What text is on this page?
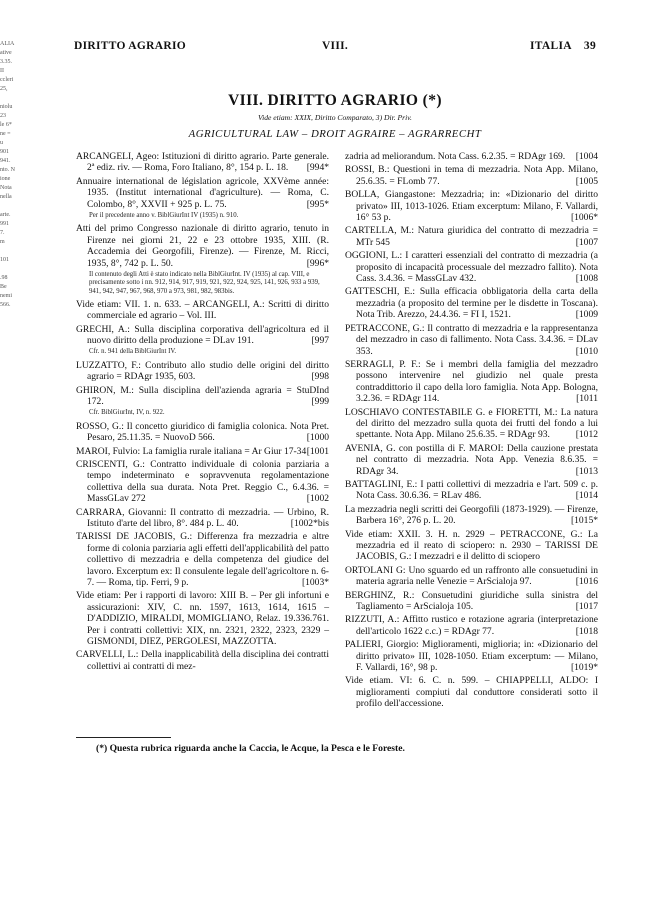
ALIA
ative
3.35.
II
ccleri
25,

niolu
23
le 6*
ne =
u
901
941.
nto. N
ione
Nota
nella

arte.
991
7.
m

101

.98
Be
nemi
566.
DIRITTO AGRARIO	VIII.	ITALIA    39
VIII. DIRITTO AGRARIO (*)
Vide etiam: XXIX, Diritto Comparato, 3) Dir. Priv.
AGRICULTURAL LAW – DROIT AGRAIRE – AGRARRECHT
ARCANGELI, Ageo: Istituzioni di diritto agrario. Parte generale. 2ª ediz. riv. — Roma, Foro Italiano, 8°, 154 p. L. 18. [994*
Annuaire international de législation agricole, XXVème année: 1935. (Institut international d'agriculture). — Roma, C. Colombo, 8°, XXVII + 925 p. L. 75.	[995*
Per il precedente anno v. BiblGiurInt IV (1935) n. 910.
Atti del primo Congresso nazionale di diritto agrario, tenuto in Firenze nei giorni 21, 22 e 23 ottobre 1935, XIII. (R. Accademia dei Georgofili, Firenze). — Firenze, M. Ricci, 1935, 8°, 742 p. L. 50.	[996*
Il contenuto degli Atti è stato indicato nella BiblGiurInt. IV (1935) al cap. VIII, e precisamente sotto i nn. 912, 914, 917, 919, 921, 922, 924, 925, 141, 926, 933 a 939, 941, 942, 947, 967, 968, 970 a 973, 981, 982, 983bis.
Vide etiam: VII. 1. n. 633. – ARCANGELI, A.: Scritti di diritto commerciale ed agrario – Vol. III.
GRECHI, A.: Sulla disciplina corporativa dell'agricoltura ed il nuovo diritto della produzione = DLav 191.	[997
Cfr. n. 941 della BiblGiurInt IV.
LUZZATTO, F.: Contributo allo studio delle origini del diritto agrario = RDAgr 1935, 603.	[998
GHIRON, M.: Sulla disciplina dell'azienda agraria = StuDInd 172.	[999
Cfr. BiblGiurInt, IV, n. 922.
ROSSO, G.: Il concetto giuridico di famiglia colonica. Nota Pret. Pesaro, 25.11.35. = NuovoD 566.	[1000
MAROI, Fulvio: La famiglia rurale italiana = Ar Giur 17-34 [1001
CRISCENTI, G.: Contratto individuale di colonia parziaria a tempo indeterminato e sopravvenuta regolamentazione collettiva della sua durata. Nota Pret. Reggio C., 6.4.36. = MassGLav 272	[1002
CARRARA, Giovanni: Il contratto di mezzadria. — Urbino, R. Istituto d'arte del libro, 8°. 484 p. L. 40.	[1002*bis
TARISSI DE JACOBIS, G.: Differenza fra mezzadria e altre forme di colonia parziaria agli effetti dell'applicabilità del patto collettivo di mezzadria e della competenza del giudice del lavoro. Excerptum ex: Il consulente legale dell'agricoltore n. 6-7. — Roma, tip. Ferri, 9 p.	[1003*
Vide etiam: Per i rapporti di lavoro: XIII B. – Per gli infortuni e assicurazioni: XIV, C. nn. 1597, 1613, 1614, 1615 – D'ADDIZIO, MIRALDI, MOMIGLIANO, Relaz. 19.336.761. Per i contratti collettivi: XIX, nn. 2321, 2322, 2323, 2329 – GISMONDI, DIEZ, PERGOLESI, MAZZOTTA.
CARVELLI, L.: Della inapplicabilità della disciplina dei contratti collettivi ai contratti di mez-
zadria ad meliorandum. Nota Cass. 6.2.35. = RDAgr 169. [1004
ROSSI, B.: Questioni in tema di mezzadria. Nota App. Milano, 25.6.35. = FLomb 77.	[1005
BOLLA, Giangastone: Mezzadria; in: «Dizionario del diritto privato» III, 1013-1026. Etiam excerptum: Milano, F. Vallardi, 16° 53 p.	[1006*
CARTELLA, M.: Natura giuridica del contratto di mezzadria = MTr 545	[1007
OGGIONI, L.: I caratteri essenziali del contratto di mezzadria (a proposito di incapacità processuale del mezzadro fallito). Nota Cass. 3.4.36. = MassGLav 432.	[1008
GATTESCHI, E.: Sulla efficacia obbligatoria della carta della mezzadria (a proposito del termine per le disdette in Toscana). Nota Trib. Arezzo, 24.4.36. = FI I, 1521.	[1009
PETRACCONE, G.: Il contratto di mezzadria e la rappresentanza del mezzadro in caso di fallimento. Nota Cass. 3.4.36. = DLav 353.	[1010
SERRAGLI, P. F.: Se i membri della famiglia del mezzadro possono intervenire nel giudizio nel quale presta contraddittorio il capo della loro famiglia. Nota App. Bologna, 3.2.36. = RDAgr 114.	[1011
LOSCHIAVO CONTESTABILE G. e FIORETTI, M.: La natura del diritto del mezzadro sulla quota dei frutti del fondo a lui spettante. Nota App. Milano 25.6.35. = RDAgr 93.	[1012
AVENIA, G. con postilla di F. MAROI: Della cauzione prestata nel contratto di mezzadria. Nota App. Venezia 8.6.35. = RDAgr 34.	[1013
BATTAGLINI, E.: I patti collettivi di mezzadria e l'art. 509 c. p. Nota Cass. 30.6.36. = RLav 486.	[1014
La mezzadria negli scritti dei Georgofili (1873-1929). — Firenze, Barbera 16°, 276 p. L. 20.	[1015*
Vide etiam: XXII. 3. H. n. 2929 – PETRACCONE, G.: La mezzadria ed il reato di sciopero: n. 2930 – TARISSI DE JACOBIS, G.: I mezzadri e il delitto di sciopero
ORTOLANI G: Uno sguardo ed un raffronto alle consuetudini in materia agraria nelle Venezie = ArScialoja 97.	[1016
BERGHINZ, R.: Consuetudini giuridiche sulla sinistra del Tagliamento = ArScialoja 105.	[1017
RIZZUTI, A.: Affitto rustico e rotazione agraria (interpretazione dell'articolo 1622 c.c.) = RDAgr 77.	[1018
PALIERI, Giorgio: Miglioramenti, miglioria; in: «Dizionario del diritto privato» III, 1028-1050. Etiam excerptum: — Milano, F. Vallardi, 16°, 98 p.	[1019*
Vide etiam. VI: 6. C. n. 599. – CHIAPPELLI, ALDO: I miglioramenti compiuti dal conduttore considerati sotto il profilo dell'accessione.
(*) Questa rubrica riguarda anche la Caccia, le Acque, la Pesca e le Foreste.
